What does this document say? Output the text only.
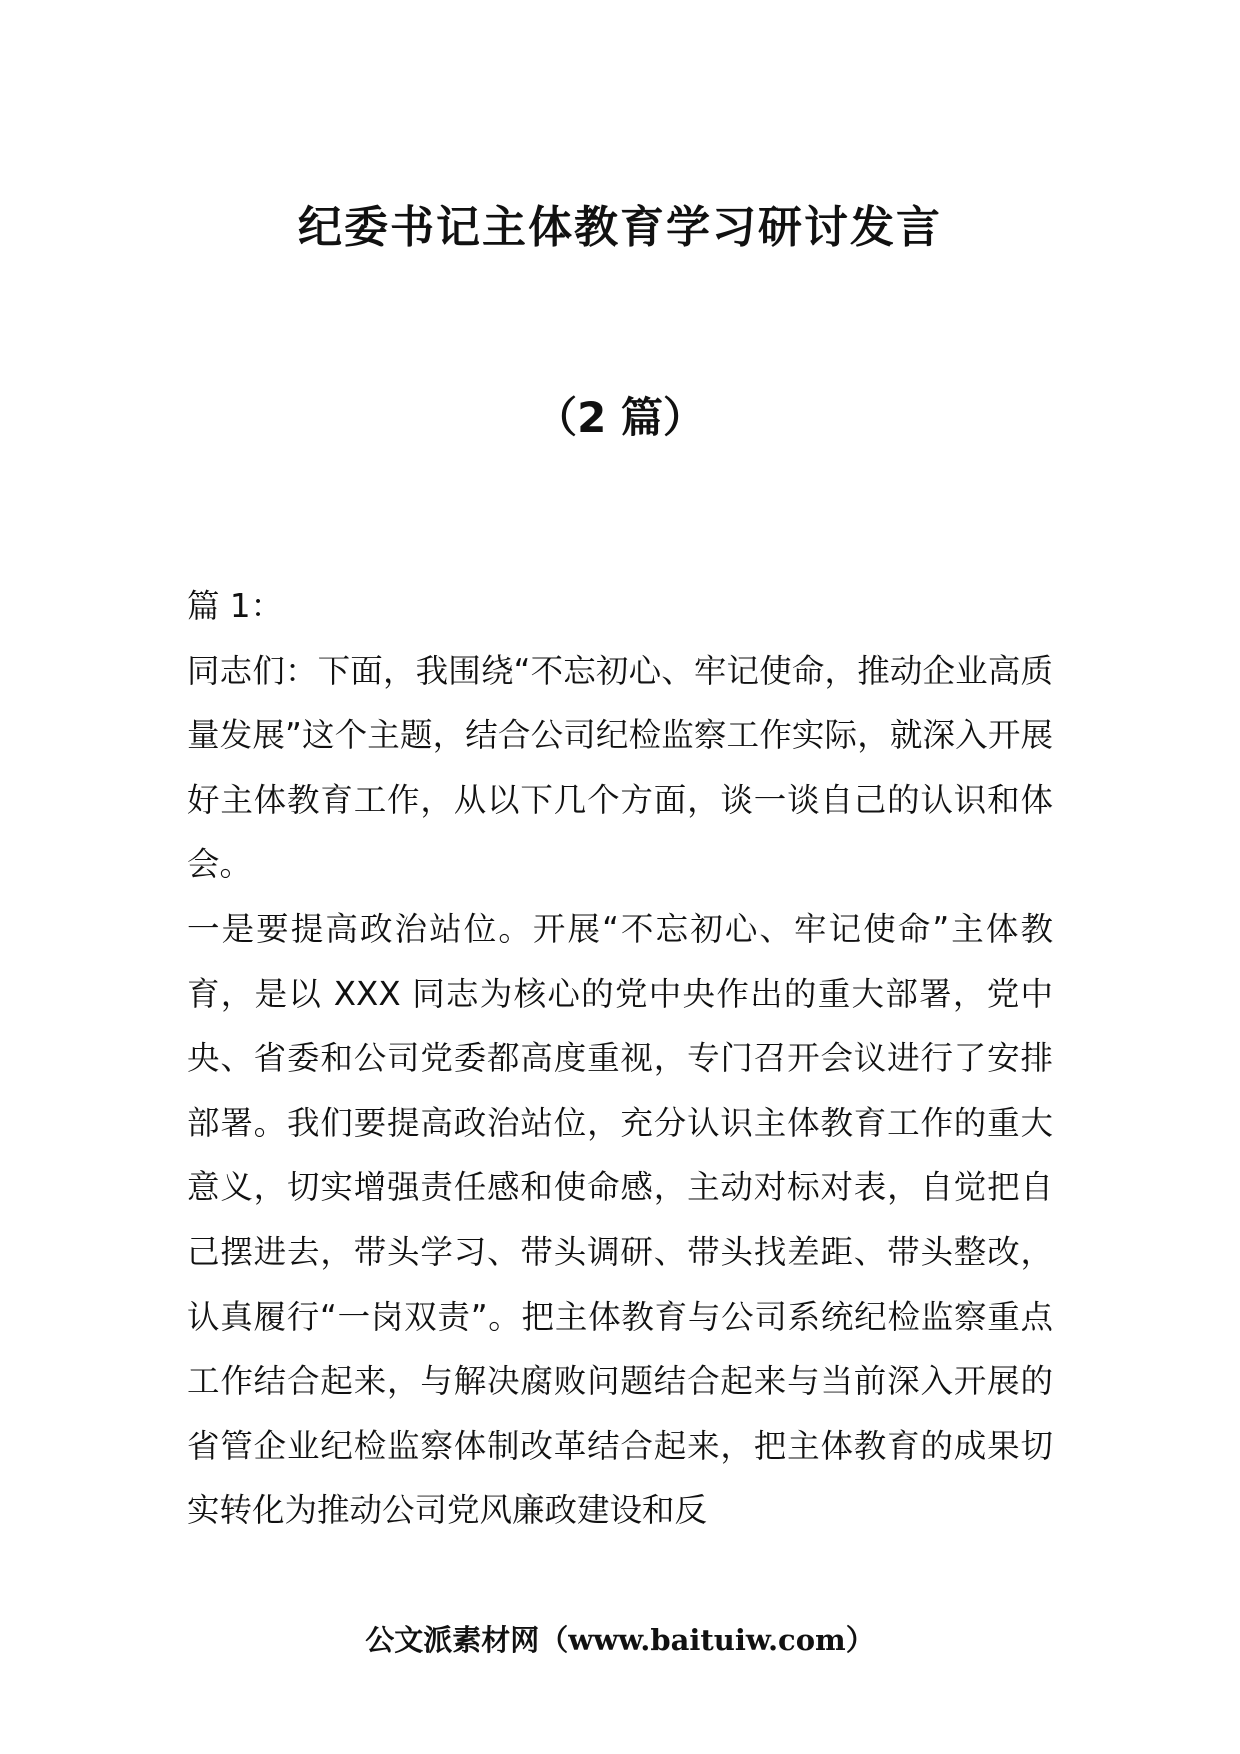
纪委书记主体教育学习研讨发言
（2 篇）

篇 1：

同志们：下面，我围绕“不忘初心、牢记使命，推动企业高质量发展”这个主题，结合公司纪检监察工作实际，就深入开展好主体教育工作，从以下几个方面，谈一谈自己的认识和体会。

一是要提高政治站位。开展“不忘初心、牢记使命”主体教育，是以 XXX 同志为核心的党中央作出的重大部署，党中央、省委和公司党委都高度重视，专门召开会议进行了安排部署。我们要提高政治站位，充分认识主体教育工作的重大意义，切实增强责任感和使命感，主动对标对表，自觉把自己摆进去，带头学习、带头调研、带头找差距、带头整改，认真履行“一岗双责”。把主体教育与公司系统纪检监察重点工作结合起来，与解决腐败问题结合起来与当前深入开展的省管企业纪检监察体制改革结合起来，把主体教育的成果切实转化为推动公司党风廉政建设和反

公文派素材网（www.baituiw.com）
